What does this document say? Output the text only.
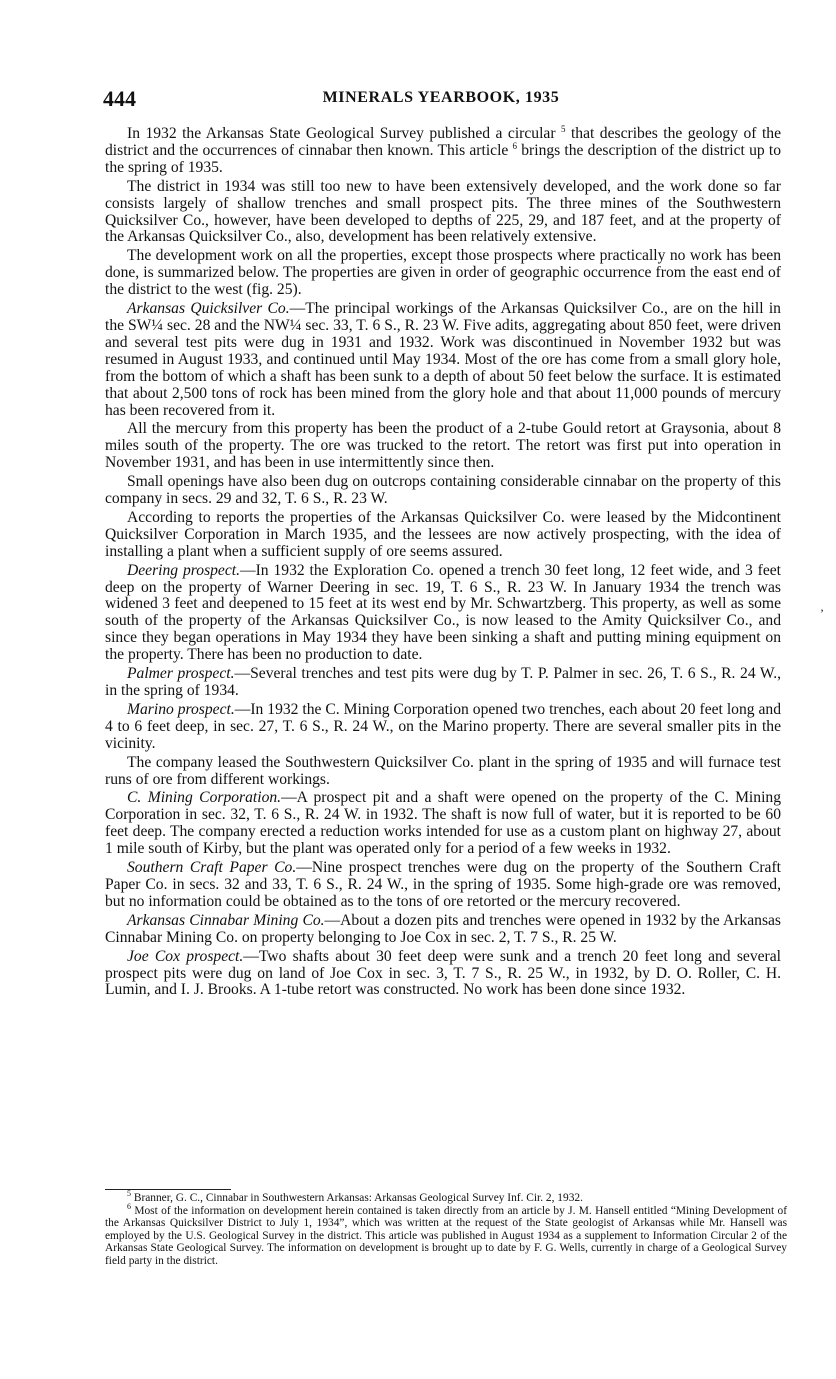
444	MINERALS YEARBOOK, 1935

In 1932 the Arkansas State Geological Survey published a circular $^5$ that describes the geology of the district and the occurrences of cinnabar then known. This article $^6$ brings the description of the district up to the spring of 1935.

The district in 1934 was still too new to have been extensively developed, and the work done so far consists largely of shallow trenches and small prospect pits. The three mines of the Southwestern Quicksilver Co., however, have been developed to depths of 225, 29, and 187 feet, and at the property of the Arkansas Quicksilver Co., also, development has been relatively extensive.

The development work on all the properties, except those prospects where practically no work has been done, is summarized below. The properties are given in order of geographic occurrence from the east end of the district to the west (fig. 25).

Arkansas Quicksilver Co.—The principal workings of the Arkansas Quicksilver Co., are on the hill in the SW¼ sec. 28 and the NW¼ sec. 33, T. 6 S., R. 23 W. Five adits, aggregating about 850 feet, were driven and several test pits were dug in 1931 and 1932. Work was discontinued in November 1932 but was resumed in August 1933, and continued until May 1934. Most of the ore has come from a small glory hole, from the bottom of which a shaft has been sunk to a depth of about 50 feet below the surface. It is estimated that about 2,500 tons of rock has been mined from the glory hole and that about 11,000 pounds of mercury has been recovered from it.

All the mercury from this property has been the product of a 2-tube Gould retort at Graysonia, about 8 miles south of the property. The ore was trucked to the retort. The retort was first put into operation in November 1931, and has been in use intermittently since then.

Small openings have also been dug on outcrops containing considerable cinnabar on the property of this company in secs. 29 and 32, T. 6 S., R. 23 W.

According to reports the properties of the Arkansas Quicksilver Co. were leased by the Midcontinent Quicksilver Corporation in March 1935, and the lessees are now actively prospecting, with the idea of installing a plant when a sufficient supply of ore seems assured.

Deering prospect.—In 1932 the Exploration Co. opened a trench 30 feet long, 12 feet wide, and 3 feet deep on the property of Warner Deering in sec. 19, T. 6 S., R. 23 W. In January 1934 the trench was widened 3 feet and deepened to 15 feet at its west end by Mr. Schwartzberg. This property, as well as some south of the property of the Arkansas Quicksilver Co., is now leased to the Amity Quicksilver Co., and since they began operations in May 1934 they have been sinking a shaft and putting mining equipment on the property. There has been no production to date.

Palmer prospect.—Several trenches and test pits were dug by T. P. Palmer in sec. 26, T. 6 S., R. 24 W., in the spring of 1934.

Marino prospect.—In 1932 the C. Mining Corporation opened two trenches, each about 20 feet long and 4 to 6 feet deep, in sec. 27, T. 6 S., R. 24 W., on the Marino property. There are several smaller pits in the vicinity.

The company leased the Southwestern Quicksilver Co. plant in the spring of 1935 and will furnace test runs of ore from different workings.

C. Mining Corporation.—A prospect pit and a shaft were opened on the property of the C. Mining Corporation in sec. 32, T. 6 S., R. 24 W. in 1932. The shaft is now full of water, but it is reported to be 60 feet deep. The company erected a reduction works intended for use as a custom plant on highway 27, about 1 mile south of Kirby, but the plant was operated only for a period of a few weeks in 1932.

Southern Craft Paper Co.—Nine prospect trenches were dug on the property of the Southern Craft Paper Co. in secs. 32 and 33, T. 6 S., R. 24 W., in the spring of 1935. Some high-grade ore was removed, but no information could be obtained as to the tons of ore retorted or the mercury recovered.

Arkansas Cinnabar Mining Co.—About a dozen pits and trenches were opened in 1932 by the Arkansas Cinnabar Mining Co. on property belonging to Joe Cox in sec. 2, T. 7 S., R. 25 W.

Joe Cox prospect.—Two shafts about 30 feet deep were sunk and a trench 20 feet long and several prospect pits were dug on land of Joe Cox in sec. 3, T. 7 S., R. 25 W., in 1932, by D. O. Roller, C. H. Lumin, and I. J. Brooks. A 1-tube retort was constructed. No work has been done since 1932.

$^5$ Branner, G. C., Cinnabar in Southwestern Arkansas: Arkansas Geological Survey Inf. Cir. 2, 1932.

$^6$ Most of the information on development herein contained is taken directly from an article by J. M. Hansell entitled “Mining Development of the Arkansas Quicksilver District to July 1, 1934”, which was written at the request of the State geologist of Arkansas while Mr. Hansell was employed by the U.S. Geological Survey in the district. This article was published in August 1934 as a supplement to Information Circular 2 of the Arkansas State Geological Survey. The information on development is brought up to date by F. G. Wells, currently in charge of a Geological Survey field party in the district.

’
